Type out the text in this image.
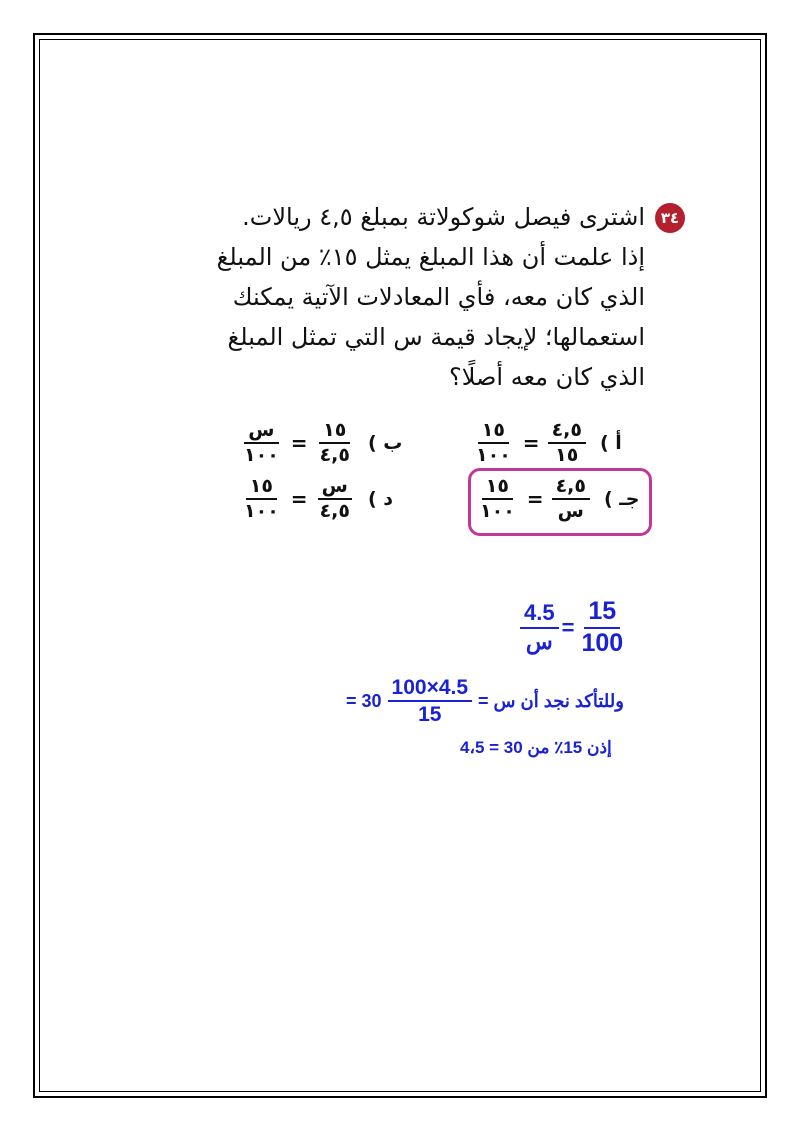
٣٤
اشترى فيصل شوكولاتة بمبلغ ٤,٥ ريالات.
إذا علمت أن هذا المبلغ يمثل ١٥٪ من المبلغ
الذي كان معه، فأي المعادلات الآتية يمكنك
استعمالها؛ لإيجاد قيمة س التي تمثل المبلغ
الذي كان معه أصلًا؟
$\frac{١٥}{١٠٠} = \frac{٤,٥}{١٥}$ أ )
$\frac{\text{س}}{١٠٠} = \frac{١٥}{٤,٥}$ ب )
$\frac{١٥}{١٠٠} = \frac{٤,٥}{\text{س}}$ جـ )
$\frac{١٥}{١٠٠} = \frac{\text{س}}{٤,٥}$ د )
$\frac{4.5}{\text{س}} = \frac{15}{100}$
= $30 \frac{100\times 4.5}{15}$ وللتأكد نجد أن س =
إذن 15٪ من 30 = 4،5
